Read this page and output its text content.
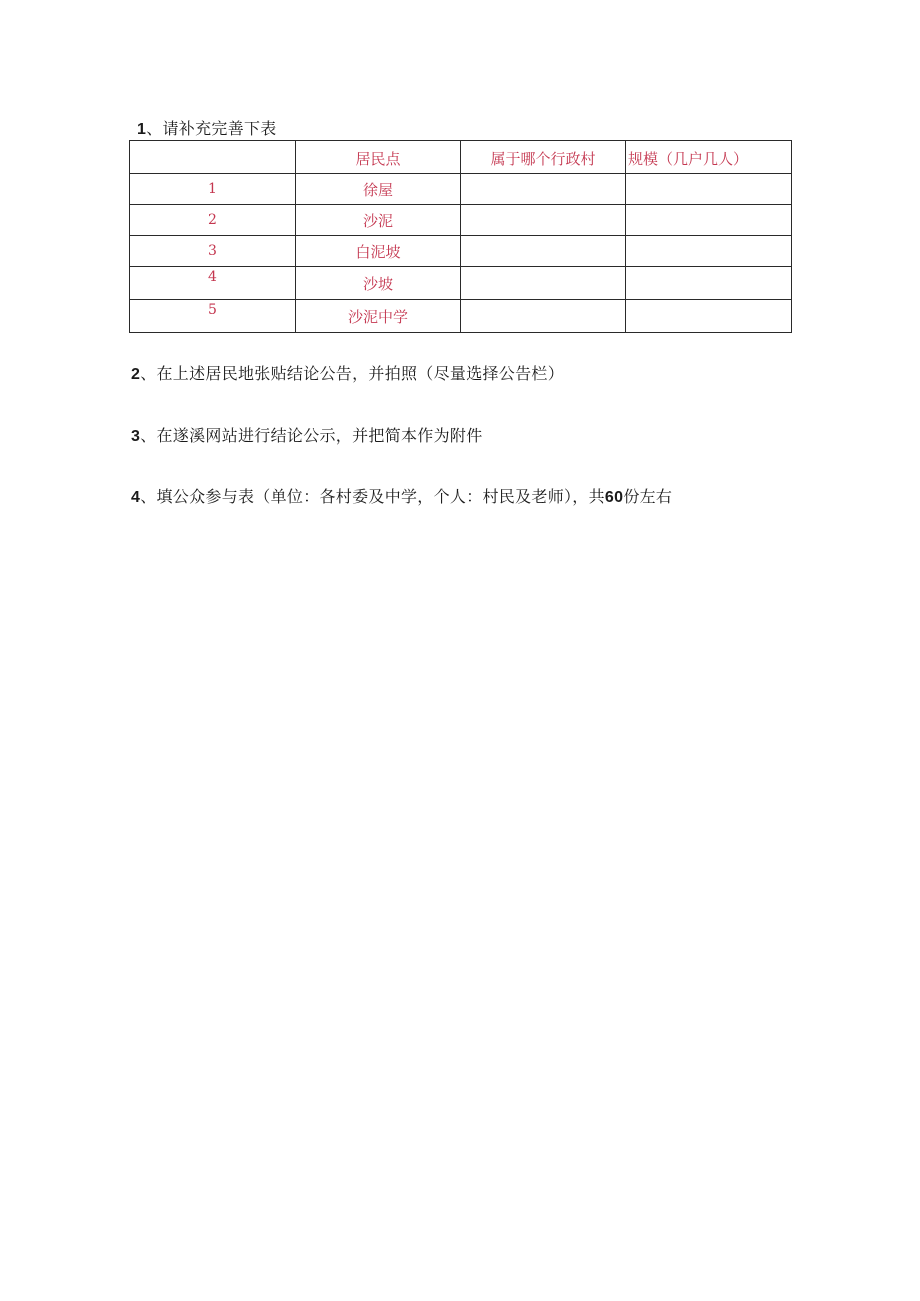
1、请补充完善下表
	居民点	属于哪个行政村	规模（几户几人）
1	徐屋		
2	沙泥		
3	白泥坡		
4	沙坡		
5	沙泥中学		
2、在上述居民地张贴结论公告，并拍照（尽量选择公告栏）
3、在遂溪网站进行结论公示，并把简本作为附件
4、填公众参与表（单位：各村委及中学，个人：村民及老师），共60份左右
